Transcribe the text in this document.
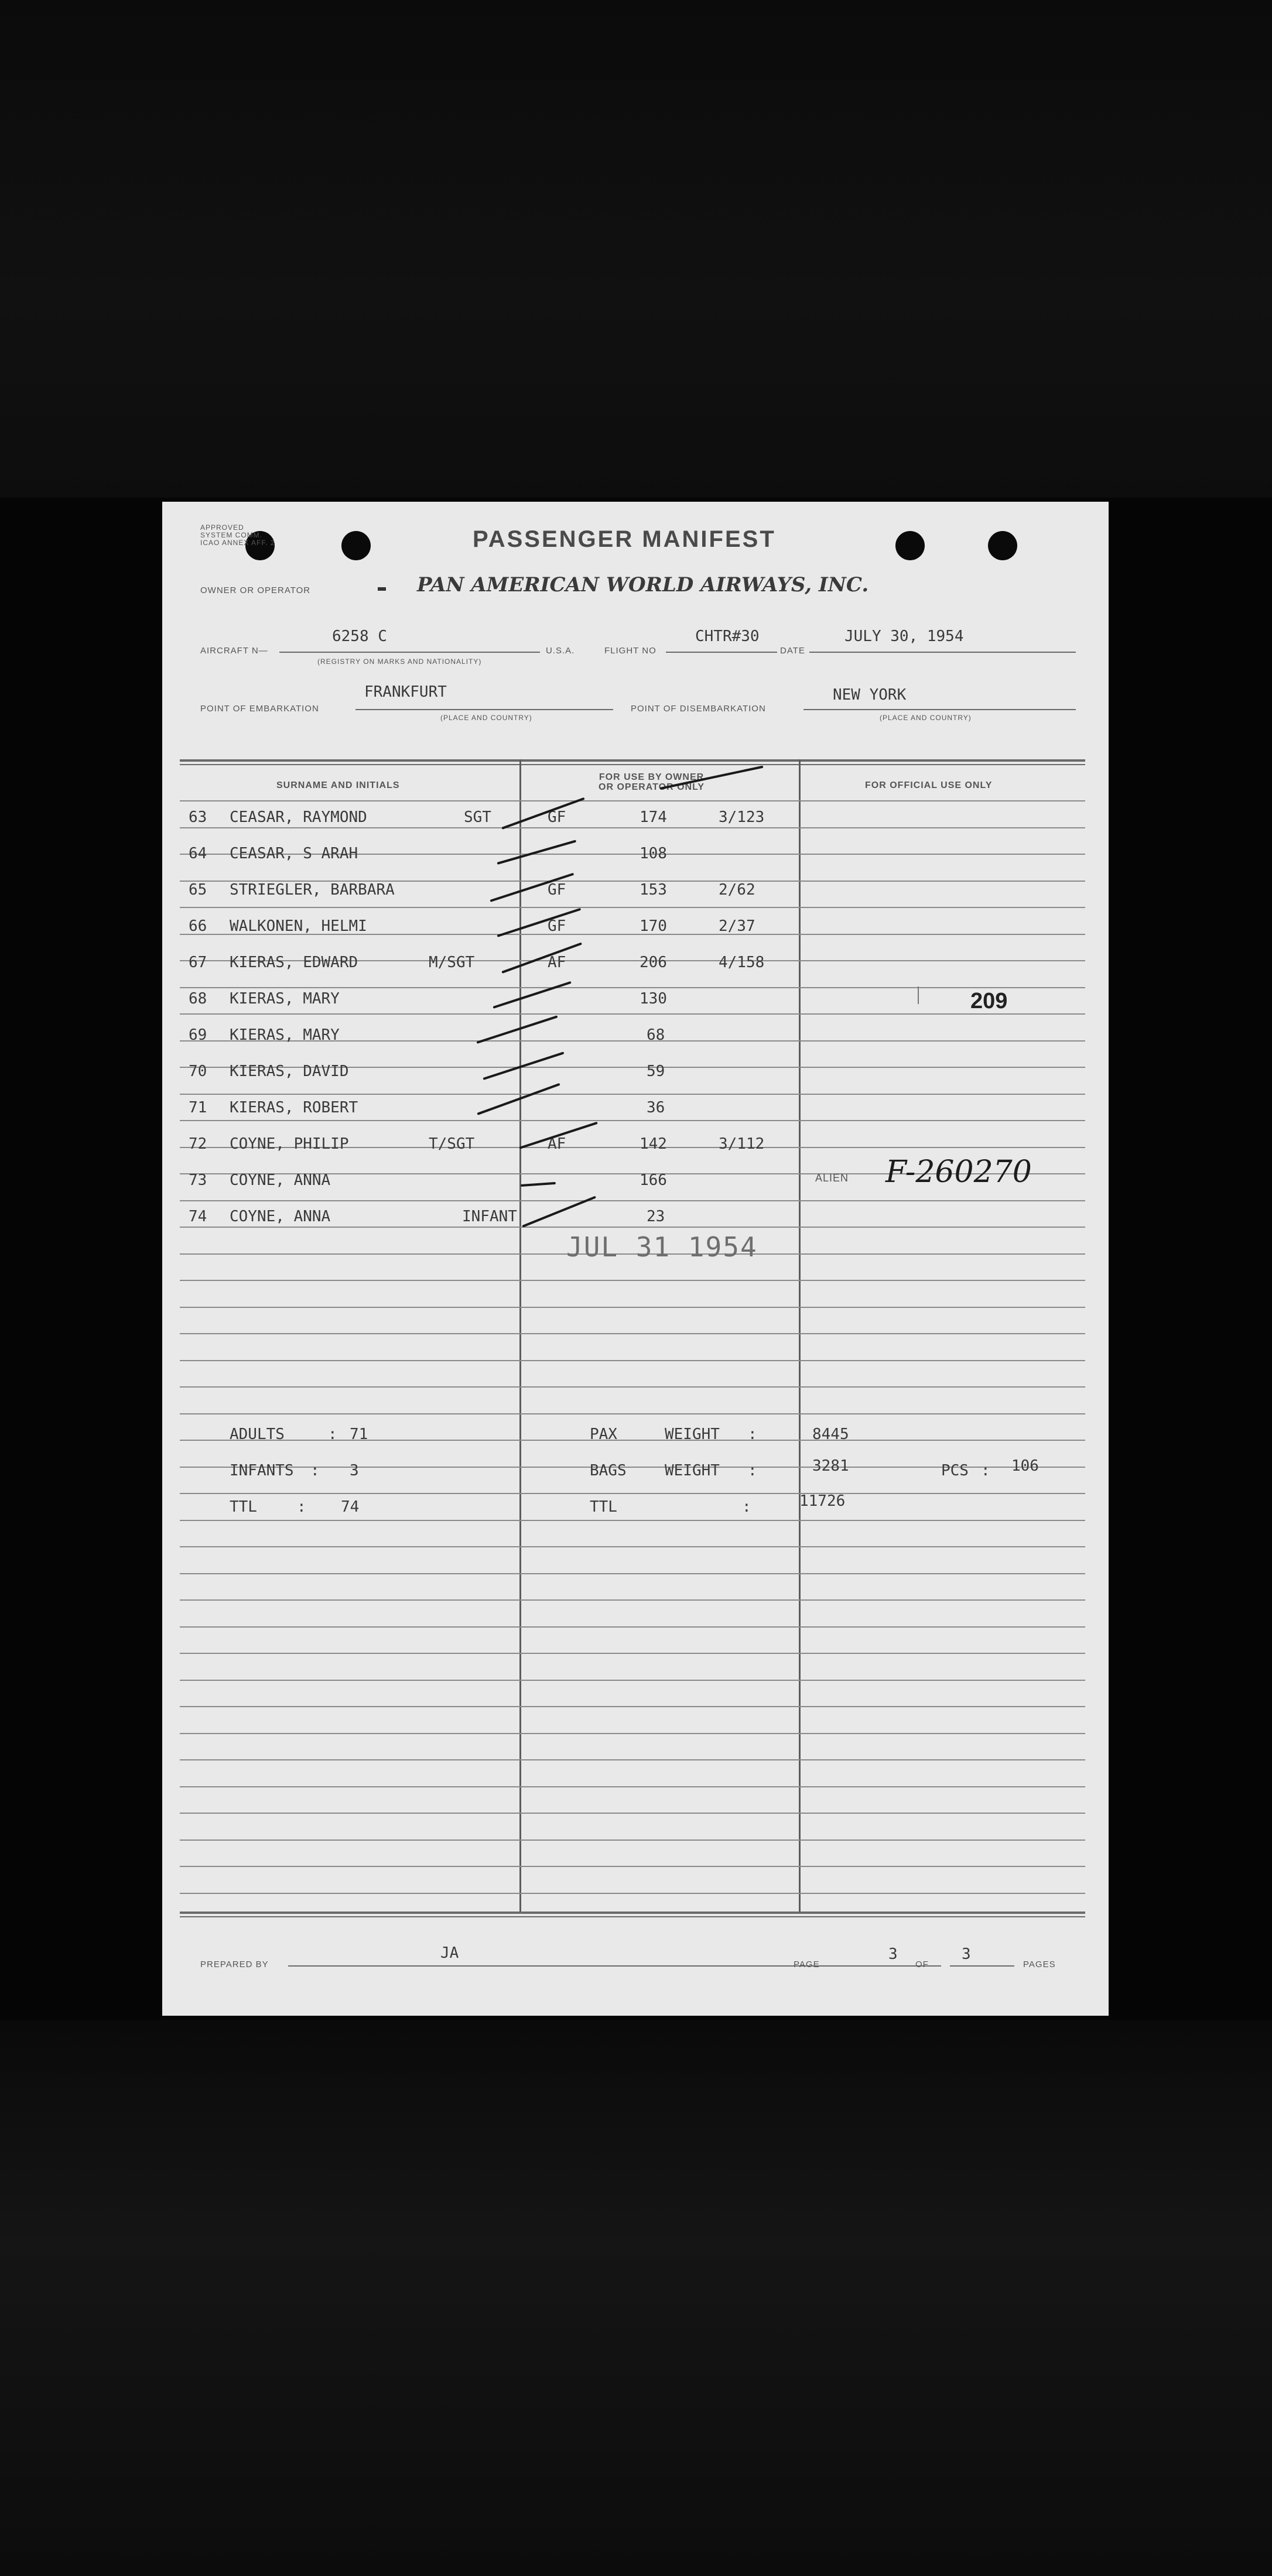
APPROVED
SYSTEM COMM.
ICAO ANNEX AFF. 2	PASSENGER MANIFEST
OWNER OR OPERATOR	PAN AMERICAN WORLD AIRWAYS, INC.
AIRCRAFT N—
6258 C
(REGISTRY ON MARKS AND NATIONALITY)
U.S.A.	FLIGHT NO
CHTR#30
DATE
JULY 30, 1954
FRANKFURT
POINT OF EMBARKATION
(PLACE AND COUNTRY)
POINT OF DISEMBARKATION
NEW YORK
(PLACE AND COUNTRY)
SURNAME AND INITIALS
FOR USE BY OWNER
OR OPERATOR ONLY	FOR OFFICIAL USE ONLY
63 CEASAR, RAYMOND	SGT	GF	174	3/123
64 CEASAR, S ARAH	108
65 STRIEGLER, BARBARA	GF	153	2/62
66 WALKONEN, HELMI	GF	170	2/37
67 KIERAS, EDWARD	M/SGT	AF	206	4/158
68 KIERAS, MARY	130
69 KIERAS, MARY	68
70 KIERAS, DAVID	59
71 KIERAS, ROBERT	36
72 COYNE, PHILIP	T/SGT	AF	142	3/112
73 COYNE, ANNA	166
74 COYNE, ANNA	INFANT	23
209
ALIEN F-260270
JUL 31 1954
ADULTS	: 71
INFANTS : 3
TTL	: 74
PAX	WEIGHT :	8445
BAGS	WEIGHT :	3281	PCS : 106
TTL	:	11726
PREPARED BY
JA
PAGE
3
OF
3
PAGES
